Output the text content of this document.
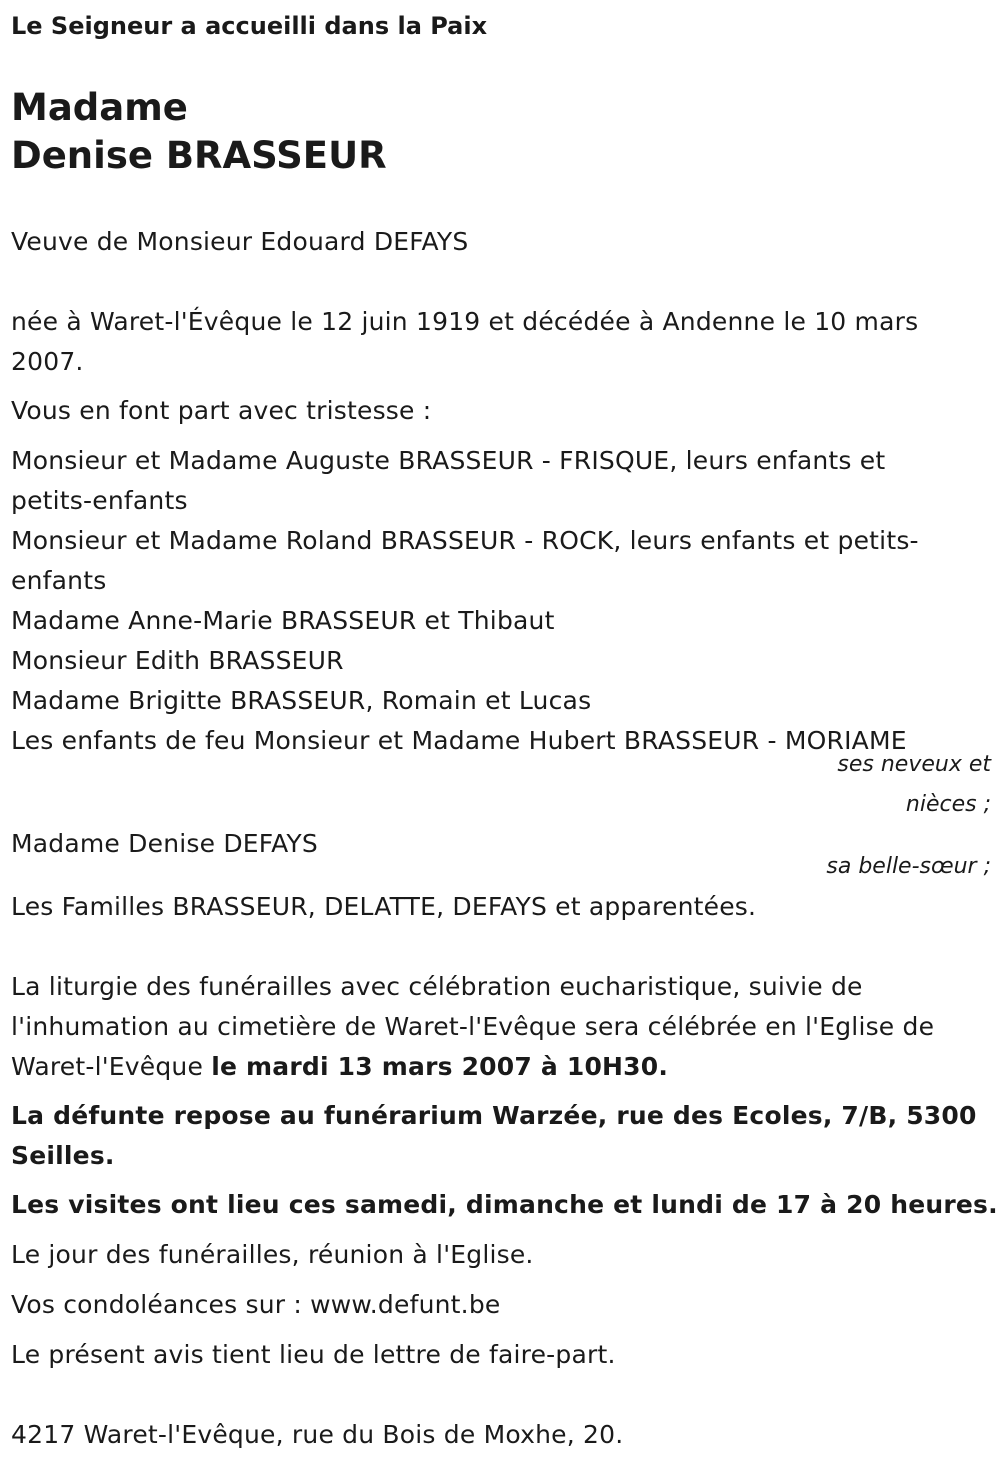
Le Seigneur a accueilli dans la Paix
Madame
Denise BRASSEUR
Veuve de Monsieur Edouard DEFAYS
née à Waret-l'Évêque le 12 juin 1919 et décédée à Andenne le 10 mars
2007.
Vous en font part avec tristesse :
Monsieur et Madame Auguste BRASSEUR - FRISQUE, leurs enfants et
petits-enfants
Monsieur et Madame Roland BRASSEUR - ROCK, leurs enfants et petits-
enfants
Madame Anne-Marie BRASSEUR et Thibaut
Monsieur Edith BRASSEUR
Madame Brigitte BRASSEUR, Romain et Lucas
Les enfants de feu Monsieur et Madame Hubert BRASSEUR - MORIAME
ses neveux et
nièces ;
Madame Denise DEFAYS
sa belle-sœur ;
Les Familles BRASSEUR, DELATTE, DEFAYS et apparentées.
La liturgie des funérailles avec célébration eucharistique, suivie de
l'inhumation au cimetière de Waret-l'Evêque sera célébrée en l'Eglise de
Waret-l'Evêque le mardi 13 mars 2007 à 10H30.
La défunte repose au funérarium Warzée, rue des Ecoles, 7/B, 5300
Seilles.
Les visites ont lieu ces samedi, dimanche et lundi de 17 à 20 heures.
Le jour des funérailles, réunion à l'Eglise.
Vos condoléances sur : www.defunt.be
Le présent avis tient lieu de lettre de faire-part.
4217 Waret-l'Evêque, rue du Bois de Moxhe, 20.
